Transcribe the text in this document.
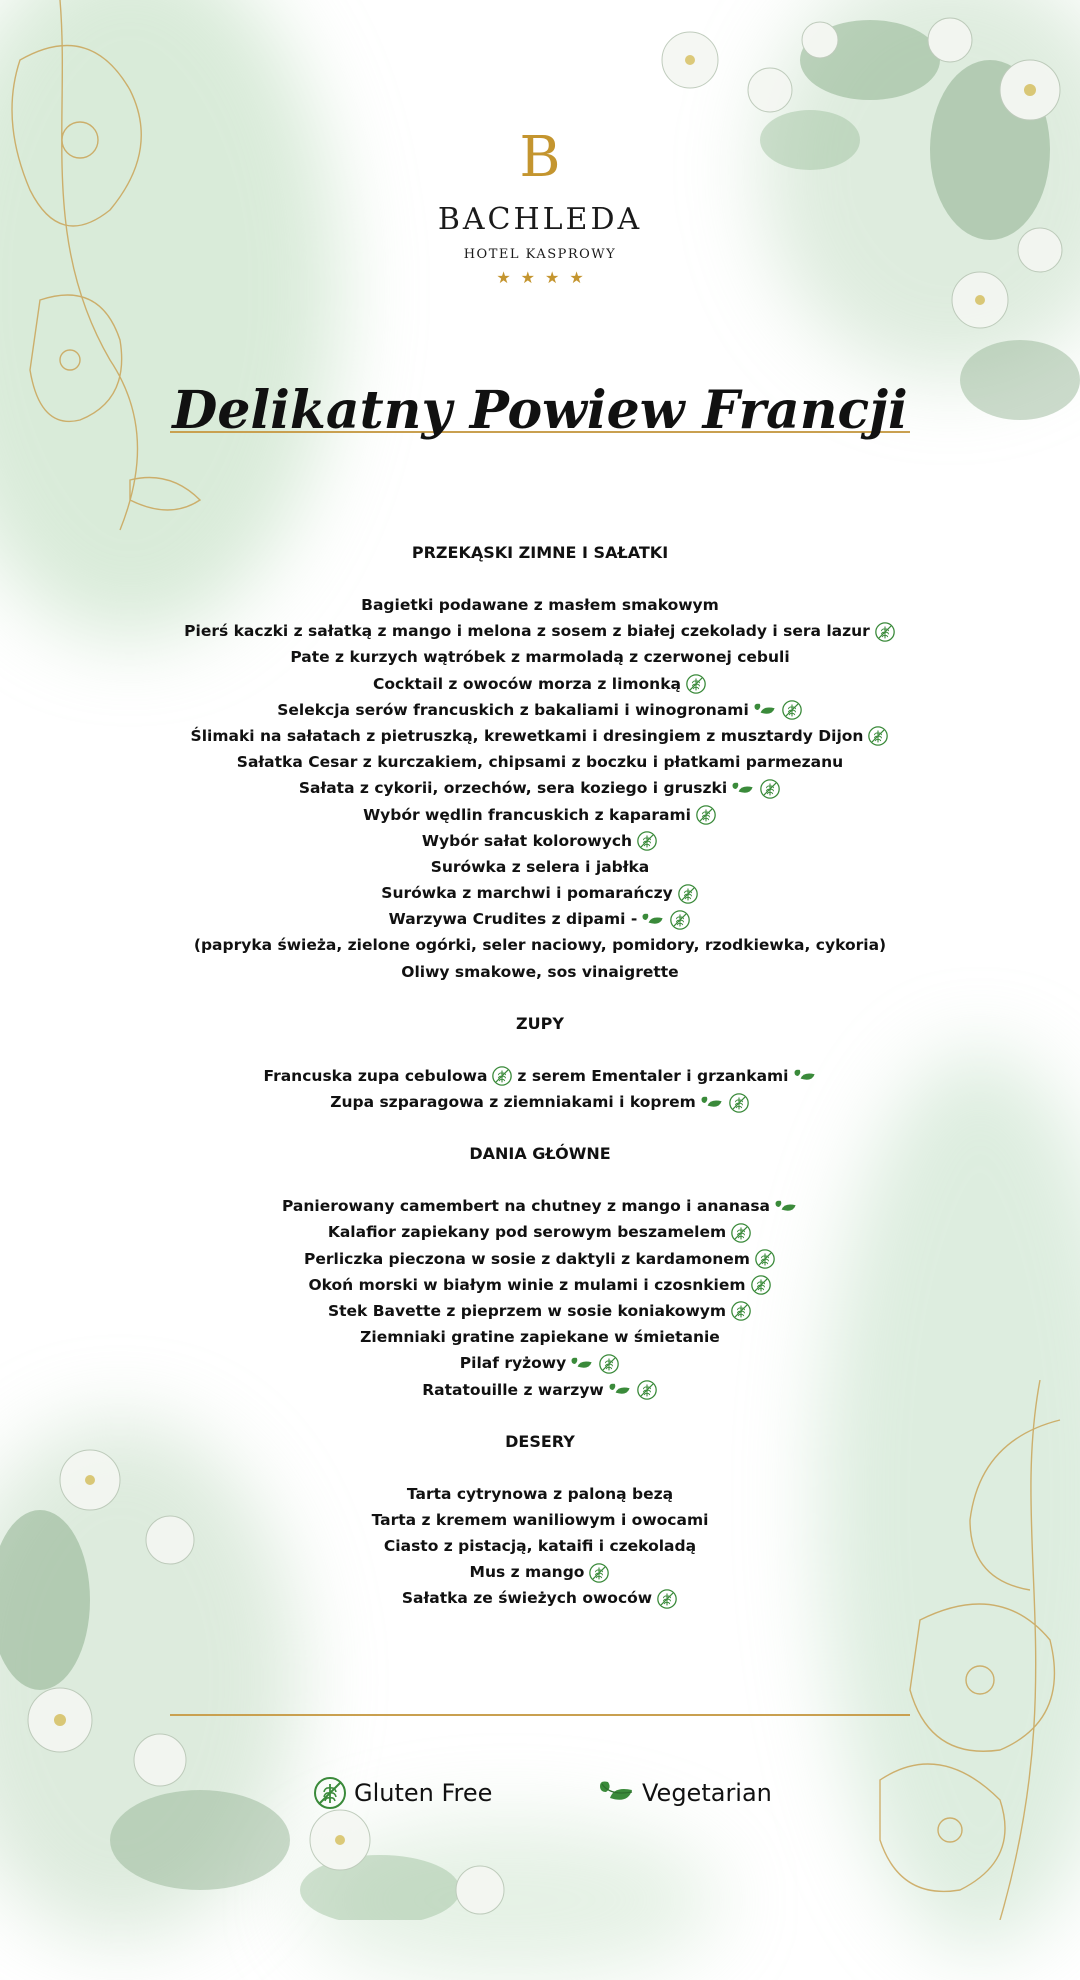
B
BACHLEDA
HOTEL KASPROWY
★★★★
Delikatny Powiew Francji
PRZEKĄSKI ZIMNE I SAŁATKI
Bagietki podawane z masłem smakowym
Pierś kaczki z sałatką z mango i melona z sosem z białej czekolady i sera lazur
Pate z kurzych wątróbek z marmoladą z czerwonej cebuli
Cocktail z owoców morza z limonką
Selekcja serów francuskich z bakaliami i winogronami
Ślimaki na sałatach z pietruszką, krewetkami i dresingiem z musztardy Dijon
Sałatka Cesar z kurczakiem, chipsami z boczku i płatkami parmezanu
Sałata z cykorii, orzechów, sera koziego i gruszki
Wybór wędlin francuskich z kaparami
Wybór sałat kolorowych
Surówka z selera i jabłka
Surówka z marchwi i pomarańczy
Warzywa Crudites z dipami -
(papryka świeża, zielone ogórki, seler naciowy, pomidory, rzodkiewka, cykoria)
Oliwy smakowe, sos vinaigrette
ZUPY
Francuska zupa cebulowa z serem Ementaler i grzankami
Zupa szparagowa z ziemniakami i koprem
DANIA GŁÓWNE
Panierowany camembert na chutney z mango i ananasa
Kalafior zapiekany pod serowym beszamelem
Perliczka pieczona w sosie z daktyli z kardamonem
Okoń morski w białym winie z mulami i czosnkiem
Stek Bavette z pieprzem w sosie koniakowym
Ziemniaki gratine zapiekane w śmietanie
Pilaf ryżowy
Ratatouille z warzyw
DESERY
Tarta cytrynowa z paloną bezą
Tarta z kremem waniliowym i owocami
Ciasto z pistacją, kataifi i czekoladą
Mus z mango
Sałatka ze świeżych owoców
Gluten Free	Vegetarian
